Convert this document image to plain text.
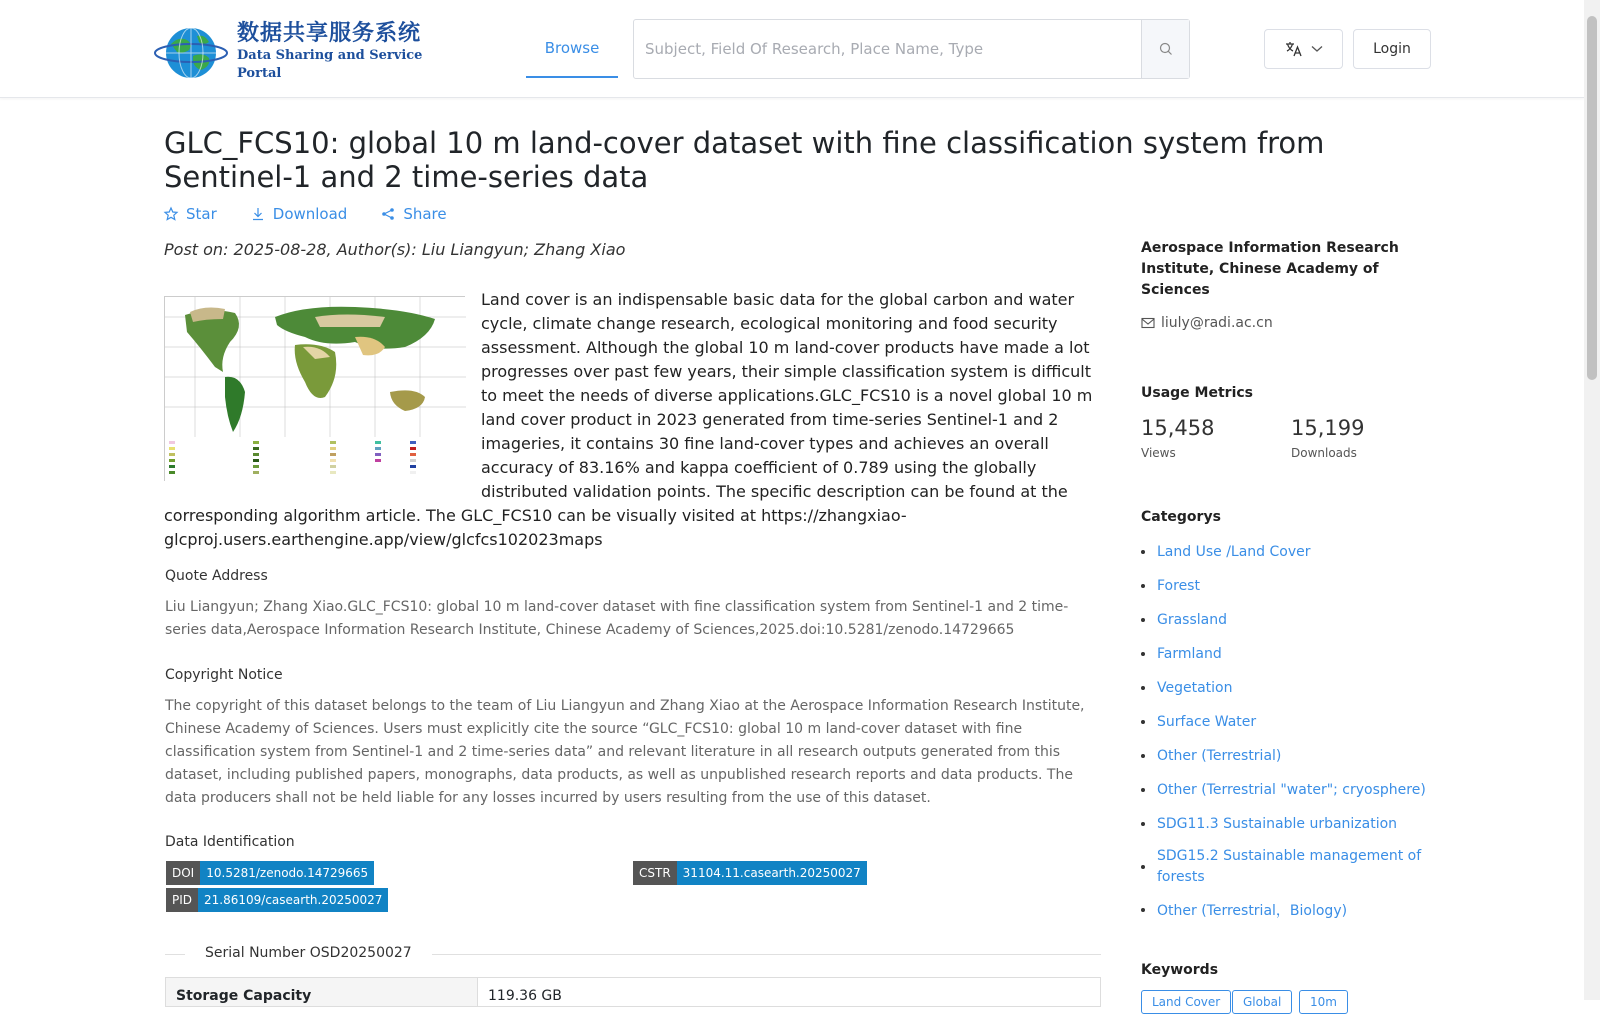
数据共享服务系统
Data Sharing and Service Portal
Browse
Subject, Field Of Research, Place Name, Type	Login
GLC_FCS10: global 10 m land-cover dataset with fine classification system from Sentinel-1 and 2 time-series data
Star	Download	Share
Post on: 2025-08-28, Author(s): Liu Liangyun; Zhang Xiao
Land cover is an indispensable basic data for the global carbon and water cycle, climate change research, ecological monitoring and food security assessment. Although the global 10 m land-cover products have made a lot progresses over past few years, their simple classification system is difficult to meet the needs of diverse applications.GLC_FCS10 is a novel global 10 m land cover product in 2023 generated from time-series Sentinel-1 and 2 imageries, it contains 30 fine land-cover types and achieves an overall accuracy of 83.16% and kappa coefficient of 0.789 using the globally distributed validation points. The specific description can be found at the corresponding algorithm article. The GLC_FCS10 can be visually visited at https://zhangxiao-glcproj.users.earthengine.app/view/glcfcs102023maps
Quote Address
Liu Liangyun; Zhang Xiao.GLC_FCS10: global 10 m land-cover dataset with fine classification system from Sentinel-1 and 2 time-series data,Aerospace Information Research Institute, Chinese Academy of Sciences,2025.doi:10.5281/zenodo.14729665
Copyright Notice
The copyright of this dataset belongs to the team of Liu Liangyun and Zhang Xiao at the Aerospace Information Research Institute, Chinese Academy of Sciences. Users must explicitly cite the source “GLC_FCS10: global 10 m land-cover dataset with fine classification system from Sentinel-1 and 2 time-series data” and relevant literature in all research outputs generated from this dataset, including published papers, monographs, data products, as well as unpublished research reports and data products. The data producers shall not be held liable for any losses incurred by users resulting from the use of this dataset.
Data Identification
DOI	10.5281/zenodo.14729665	CSTR	31104.11.casearth.20250027
PID	21.86109/casearth.20250027
Serial Number OSD20250027
Storage Capacity	119.36 GB
Aerospace Information Research Institute, Chinese Academy of Sciences
liuly@radi.ac.cn
Usage Metrics
15,458
Views
15,199
Downloads
Categorys
Land Use /Land Cover
Forest
Grassland
Farmland
Vegetation
Surface Water
Other (Terrestrial)
Other (Terrestrial "water"; cryosphere)
SDG11.3 Sustainable urbanization
SDG15.2 Sustainable management of forests
Other (Terrestrial，Biology)
Keywords
Land Cover	Global	10m
